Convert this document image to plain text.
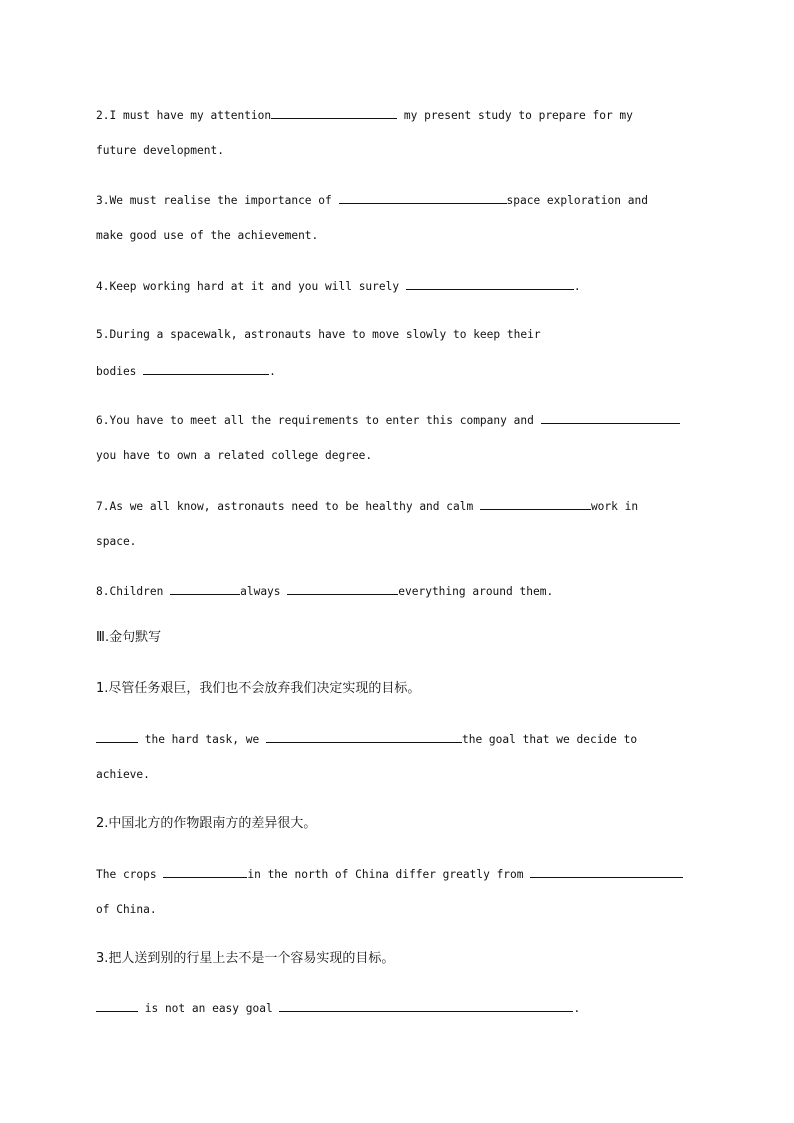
2.I must have my attention	my present study to prepare for my
future development.
3.We must realise the importance of	space exploration and
make good use of the achievement.
4.Keep working hard at it and you will surely	.
5.During a spacewalk, astronauts have to move slowly to keep their
bodies	.
6.You have to meet all the requirements to enter this company and
you have to own a related college degree.
7.As we all know, astronauts need to be healthy and calm	work in
space.
8.Children	always	everything around them.
Ⅲ.金句默写
1.尽管任务艰巨，我们也不会放弃我们决定实现的目标。
the hard task, we	the goal that we decide to
achieve.
2.中国北方的作物跟南方的差异很大。
The crops	in the north of China differ greatly from
of China.
3.把人送到别的行星上去不是一个容易实现的目标。
is not an easy goal	.
